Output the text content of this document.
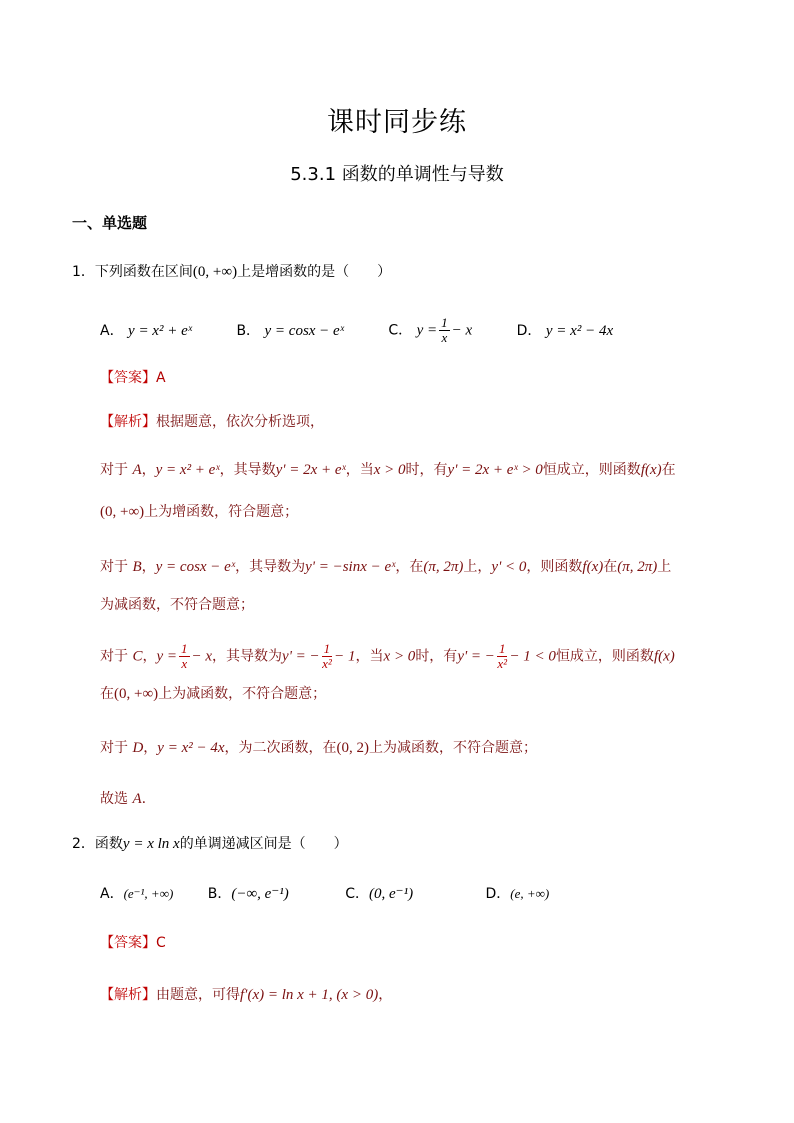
课时同步练
5.3.1 函数的单调性与导数
一、单选题
1．下列函数在区间(0, +∞)上是增函数的是（　　）
A． y = x² + eˣ	B． y = cosx − eˣ	C． $y = \frac{1}{x} - x$	D． y = x² − 4x
【答案】A
【解析】根据题意，依次分析选项，
对于 A，y = x² + eˣ，其导数y' = 2x + eˣ，当x > 0时，有y' = 2x + eˣ > 0恒成立，则函数f(x)在
(0, +∞)上为增函数，符合题意；
对于 B，y = cosx − eˣ，其导数为y' = −sinx − eˣ，在(π, 2π)上，y' < 0，则函数f(x)在(π, 2π)上
为减函数，不符合题意；
对于 C，$y = \frac{1}{x} - x$，其导数为y' = − $\frac{1}{\text{x²}} - 1$，当x > 0时，有y' = − $\frac{1}{\text{x²}} - 1 < 0$恒成立，则函数f(x)
在(0, +∞)上为减函数，不符合题意；
对于 D，y = x² − 4x，为二次函数，在(0, 2)上为减函数，不符合题意；
故选 A.
2．函数y = x ln x的单调递减区间是（　　）
A．(e⁻¹, +∞) B．(−∞, e⁻¹)	C．(0, e⁻¹)	D．(e, +∞)
【答案】C
【解析】由题意，可得f′(x) = ln x + 1, (x > 0)，
